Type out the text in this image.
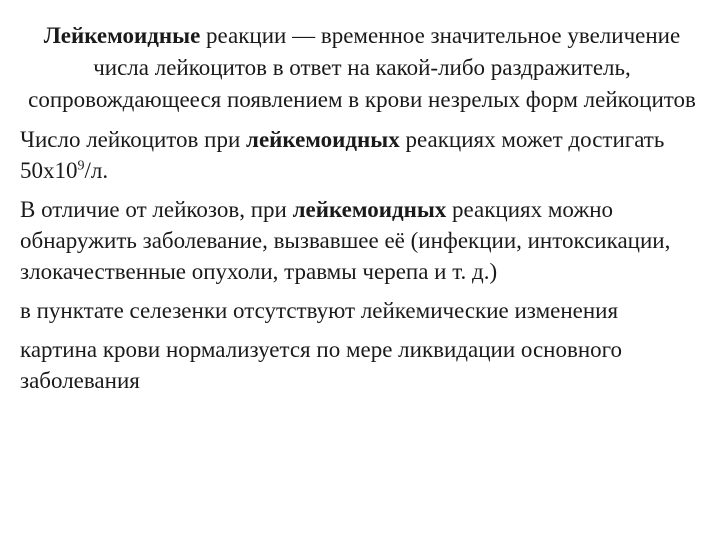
Лейкемоидные реакции — временное значительное увеличение числа лейкоцитов в ответ на какой-либо раздражитель, сопровождающееся появлением в крови незрелых форм лейкоцитов
Число лейкоцитов при лейкемоидных реакциях может достигать $50х10^9/л$.
В отличие от лейкозов, при лейкемоидных реакциях можно обнаружить заболевание, вызвавшее её (инфекции, интоксикации, злокачественные опухоли, травмы черепа и т. д.)
в пунктате селезенки отсутствуют лейкемические изменения
картина крови нормализуется по мере ликвидации основного заболевания
